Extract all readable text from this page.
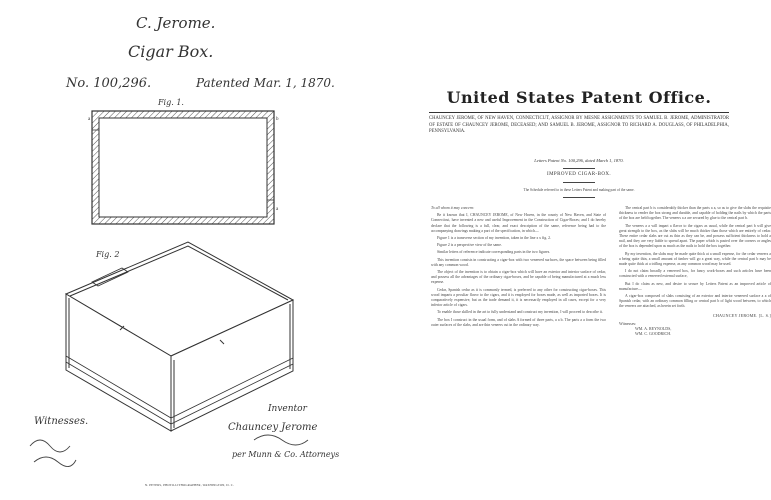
C. Jerome.
Cigar Box.
No. 100,296.	Patented Mar. 1, 1870.
Fig. 1.
Fig. 2
a	b
a
Witnesses.
Inventor
Chauncey Jerome
per Munn & Co. Attorneys
N. PETERS, PHOTO-LITHOGRAPHER, WASHINGTON, D. C.
United States Patent Office.
CHAUNCEY JEROME, OF NEW HAVEN, CONNECTICUT, ASSIGNOR BY MESNE ASSIGNMENTS TO SAMUEL B. JEROME, ADMINISTRATOR OF ESTATE OF CHAUNCEY JEROME, DECEASED; AND SAMUEL B. JEROME, ASSIGNOR TO RICHARD A. DOUGLASS, OF PHILADELPHIA, PENNSYLVANIA.
Letters Patent No. 100,296, dated March 1, 1870.
IMPROVED CIGAR-BOX.
The Schedule referred to in these Letters Patent and making part of the same.

To all whom it may concern:

Be it known that I, CHAUNCEY JEROME, of New Haven, in the county of New Haven, and State of Connecticut, have invented a new and useful Improvement in the Construction of Cigar-Boxes; and I do hereby declare that the following is a full, clear, and exact description of the same, reference being had to the accompanying drawings making a part of the specification, in which—

Figure 1 is a transverse section of my invention, taken in the line x x fig. 2.

Figure 2 is a perspective view of the same.

Similar letters of reference indicate corresponding parts in the two figures.

This invention consists in constructing a cigar-box with two veneered surfaces, the space between being filled with any common wood.

The object of the invention is to obtain a cigar-box which will have an exterior and interior surface of cedar, and possess all the advantages of the ordinary cigar-boxes, and be capable of being manufactured at a much less expense.

Cedar, Spanish cedar as it is commonly termed, is preferred to any other for constructing cigar-boxes. This wood imparts a peculiar flavor to the cigars, and it is employed for boxes made, as well as imported boxes. It is comparatively expensive, but as the trade demand it, it is necessarily employed in all cases, except for a very inferior article of cigars.

To enable those skilled in the art to fully understand and construct my invention, I will proceed to describe it.

The box I construct in the usual form, and of slabs A formed of three parts, a a b. The parts a a form the two outer surfaces of the slabs, and are thin veneers cut in the ordinary way.

The central part b is considerably thicker than the parts a a, so as to give the slabs the requisite thickness to render the box strong and durable, and capable of holding the nails by which the parts of the box are held together. The veneers a a are secured by glue to the central part b.

The veneers a a will impart a flavor to the cigars as usual, while the central part b will give great strength to the box, as the slabs will be much thicker than those which are entirely of cedar. These entire cedar slabs are cut as thin as they can be, and possess sufficient thickness to hold a nail, and they are very liable to spread apart. The paper which is pasted over the corners or angles of the box is depended upon as much as the nails to hold the box together.

By my invention, the slabs may be made quite thick at a small expense, for the cedar veneers a a being quite thin, a small amount of timber will go a great way, while the central part b may be made quite thick at a trifling expense, as any common wood may be used.

I do not claim broadly a veneered box, for fancy work-boxes and such articles have been constructed with a veneered external surface,

But I do claim as new, and desire to secure by Letters Patent as an improved article of manufacture—

A cigar-box composed of slabs consisting of an exterior and interior veneered surface a a of Spanish cedar, with an ordinary common filling or central part b of light wood between, to which the veneers are attached, as herein set forth.

CHAUNCEY JEROME. [L. S.]
Witnesses:
WM. A. REYNOLDS,
WM. C. GOODRICH.
